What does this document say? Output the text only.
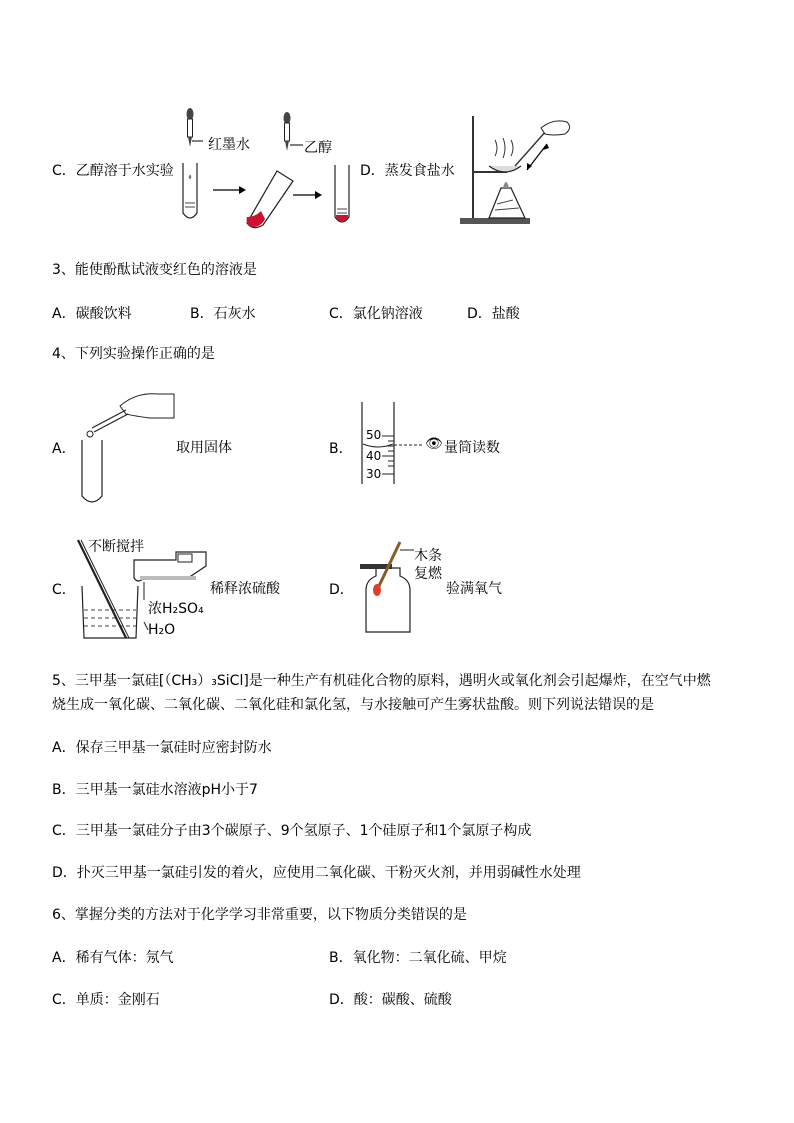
C．乙醇溶于水实验
红墨水	乙醇
D．蒸发食盐水
3、能使酚酞试液变红色的溶液是
A．碳酸饮料	B．石灰水	C．氯化钠溶液	D．盐酸
4、下列实验操作正确的是
A．	取用固体	B．
50
40
30
👁 量筒读数
C．
不断搅拌
稀释浓硫酸
浓H₂SO₄
H₂O
D．
木条
复燃
验满氧气
5、三甲基一氯硅[（CH₃）₃SiCl]是一种生产有机硅化合物的原料，遇明火或氧化剂会引起爆炸，在空气中燃
烧生成一氧化碳、二氧化碳、二氧化硅和氯化氢，与水接触可产生雾状盐酸。则下列说法错误的是
A．保存三甲基一氯硅时应密封防水
B．三甲基一氯硅水溶液pH小于7
C．三甲基一氯硅分子由3个碳原子、9个氢原子、1个硅原子和1个氯原子构成
D．扑灭三甲基一氯硅引发的着火，应使用二氧化碳、干粉灭火剂，并用弱碱性水处理
6、掌握分类的方法对于化学学习非常重要，以下物质分类错误的是
A．稀有气体：氖气	B．氧化物：二氧化硫、甲烷
C．单质：金刚石	D．酸：碳酸、硫酸
